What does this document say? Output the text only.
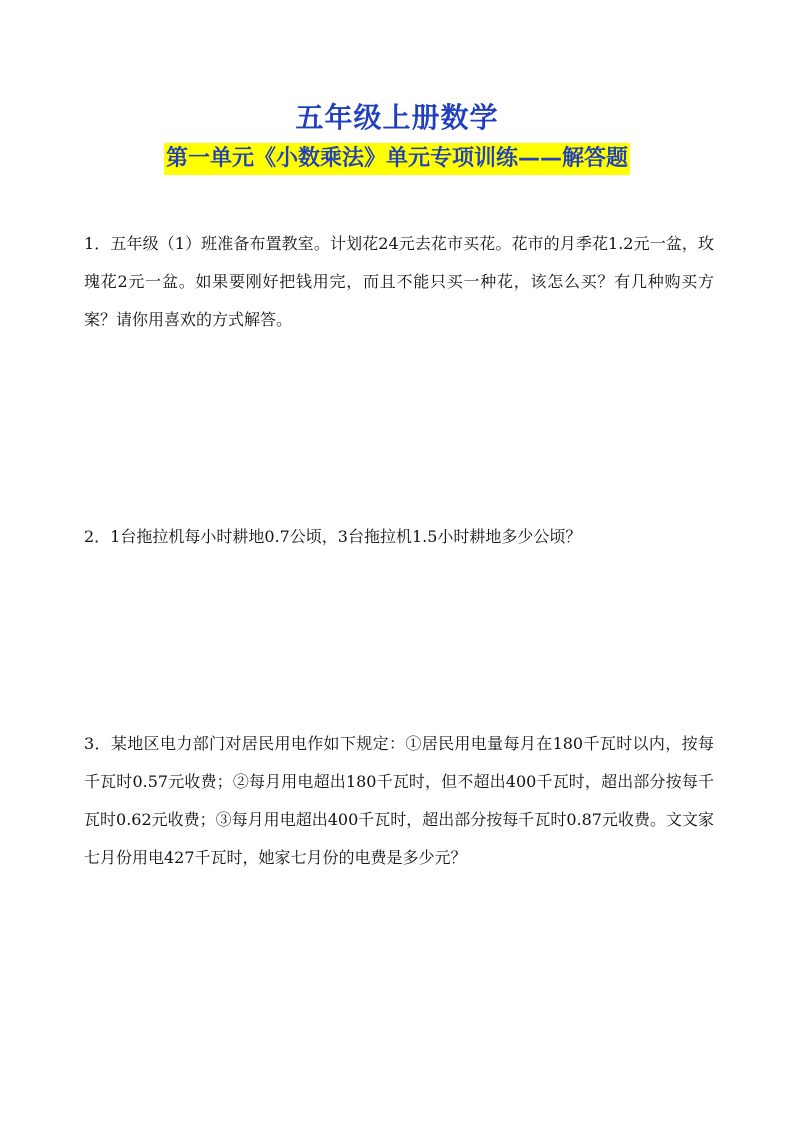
五年级上册数学
第一单元《小数乘法》单元专项训练——解答题

1．五年级（1）班准备布置教室。计划花24元去花市买花。花市的月季花1.2元一盆，玫瑰花2元一盆。如果要刚好把钱用完，而且不能只买一种花，该怎么买？有几种购买方案？请你用喜欢的方式解答。

2．1台拖拉机每小时耕地0.7公顷，3台拖拉机1.5小时耕地多少公顷？

3．某地区电力部门对居民用电作如下规定：①居民用电量每月在180千瓦时以内，按每千瓦时0.57元收费；②每月用电超出180千瓦时，但不超出400千瓦时，超出部分按每千瓦时0.62元收费；③每月用电超出400千瓦时，超出部分按每千瓦时0.87元收费。文文家七月份用电427千瓦时，她家七月份的电费是多少元？
